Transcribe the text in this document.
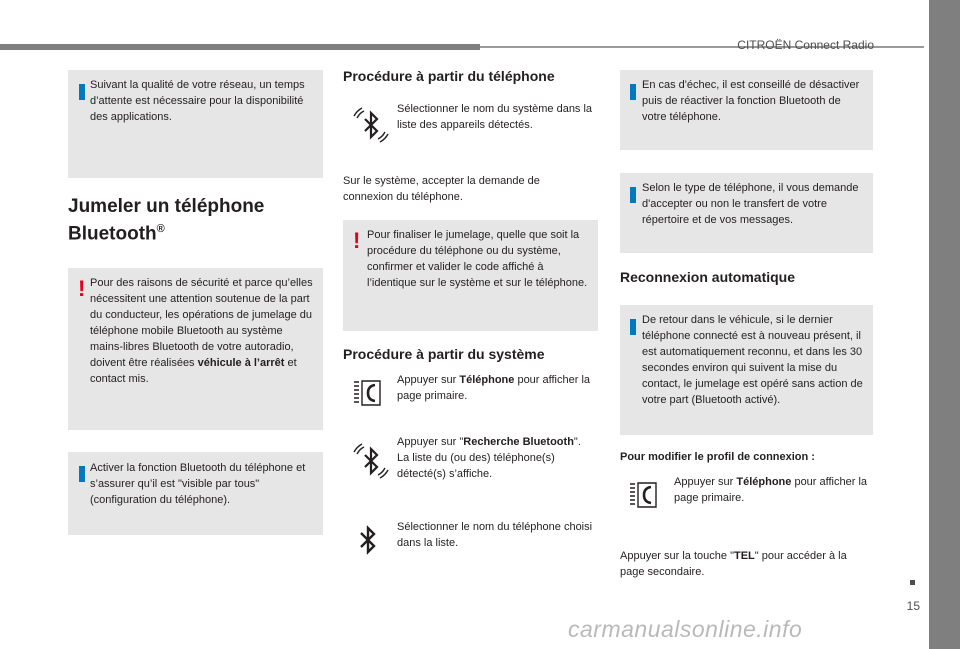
CITROËN Connect Radio
15
carmanualsonline.info
Suivant la qualité de votre réseau, un temps d’attente est nécessaire pour la disponibilité des applications.
Jumeler un téléphone
Bluetooth®
! Pour des raisons de sécurité et parce qu’elles nécessitent une attention soutenue de la part du conducteur, les opérations de jumelage du téléphone mobile Bluetooth au système mains-libres Bluetooth de votre autoradio, doivent être réalisées véhicule à l’arrêt et contact mis.
Activer la fonction Bluetooth du téléphone et s’assurer qu’il est "visible par tous" (configuration du téléphone).
Procédure à partir du téléphone
Sélectionner le nom du système dans la liste des appareils détectés.
Sur le système, accepter la demande de connexion du téléphone.
! Pour finaliser le jumelage, quelle que soit la procédure du téléphone ou du système, confirmer et valider le code affiché à l’identique sur le système et sur le téléphone.
Procédure à partir du système
Appuyer sur Téléphone pour afficher la page primaire.
Appuyer sur "Recherche Bluetooth".
La liste du (ou des) téléphone(s) détecté(s) s’affiche.
Sélectionner le nom du téléphone choisi dans la liste.
En cas d'échec, il est conseillé de désactiver puis de réactiver la fonction Bluetooth de votre téléphone.
Selon le type de téléphone, il vous demande d'accepter ou non le transfert de votre répertoire et de vos messages.
Reconnexion automatique
De retour dans le véhicule, si le dernier téléphone connecté est à nouveau présent, il est automatiquement reconnu, et dans les 30 secondes environ qui suivent la mise du contact, le jumelage est opéré sans action de votre part (Bluetooth activé).
Pour modifier le profil de connexion :
Appuyer sur Téléphone pour afficher la page primaire.
Appuyer sur la touche "TEL" pour accéder à la page secondaire.
